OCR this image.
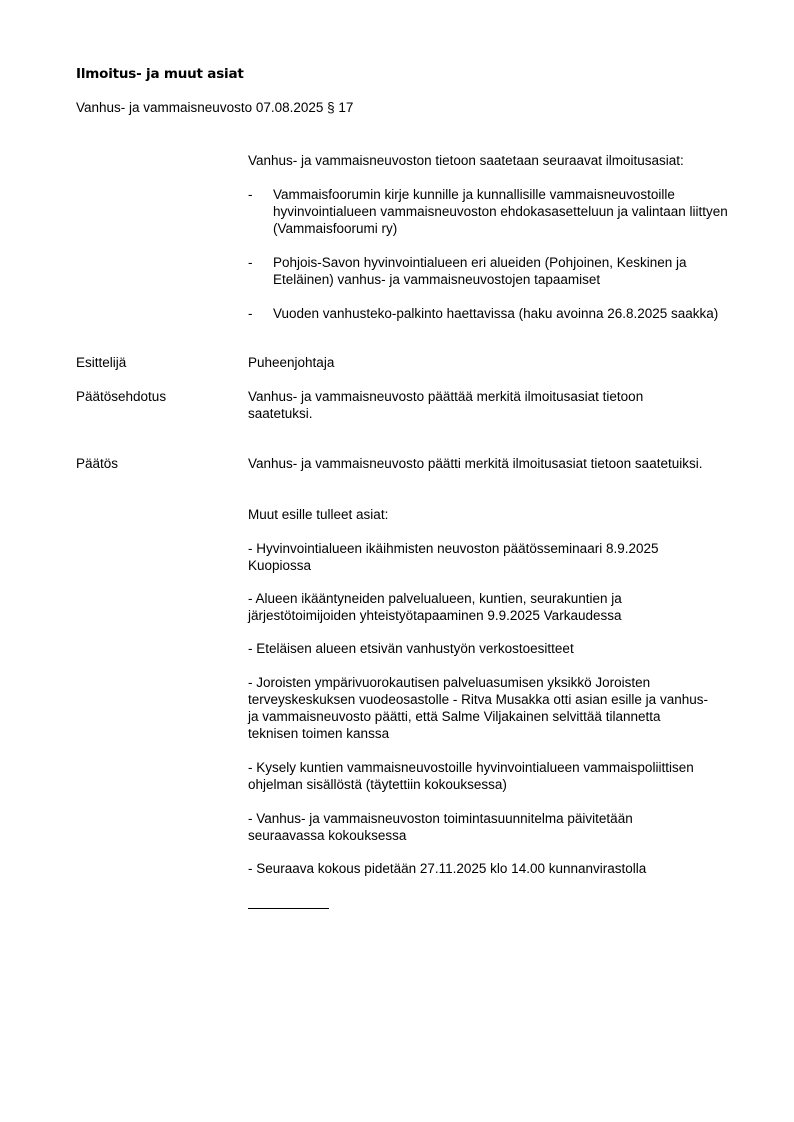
Ilmoitus- ja muut asiat
Vanhus- ja vammaisneuvosto 07.08.2025 § 17
Vanhus- ja vammaisneuvoston tietoon saatetaan seuraavat ilmoitusasiat:
- Vammaisfoorumin kirje kunnille ja kunnallisille vammaisneuvostoille hyvinvointialueen vammaisneuvoston ehdokasasetteluun ja valintaan liittyen (Vammaisfoorumi ry)
- Pohjois-Savon hyvinvointialueen eri alueiden (Pohjoinen, Keskinen ja Eteläinen) vanhus- ja vammaisneuvostojen tapaamiset
- Vuoden vanhusteko-palkinto haettavissa (haku avoinna 26.8.2025 saakka)
Esittelijä	Puheenjohtaja
Päätösehdotus	Vanhus- ja vammaisneuvosto päättää merkitä ilmoitusasiat tietoon saatetuksi.
Päätös	Vanhus- ja vammaisneuvosto päätti merkitä ilmoitusasiat tietoon saatetuiksi.
Muut esille tulleet asiat:
- Hyvinvointialueen ikäihmisten neuvoston päätösseminaari 8.9.2025 Kuopiossa
- Alueen ikääntyneiden palvelualueen, kuntien, seurakuntien ja järjestötoimijoiden yhteistyötapaaminen 9.9.2025 Varkaudessa
- Eteläisen alueen etsivän vanhustyön verkostoesitteet
- Joroisten ympärivuorokautisen palveluasumisen yksikkö Joroisten terveyskeskuksen vuodeosastolle - Ritva Musakka otti asian esille ja vanhus- ja vammaisneuvosto päätti, että Salme Viljakainen selvittää tilannetta teknisen toimen kanssa
- Kysely kuntien vammaisneuvostoille hyvinvointialueen vammaispoliittisen ohjelman sisällöstä (täytettiin kokouksessa)
- Vanhus- ja vammaisneuvoston toimintasuunnitelma päivitetään seuraavassa kokouksessa
- Seuraava kokous pidetään 27.11.2025 klo 14.00 kunnanvirastolla
